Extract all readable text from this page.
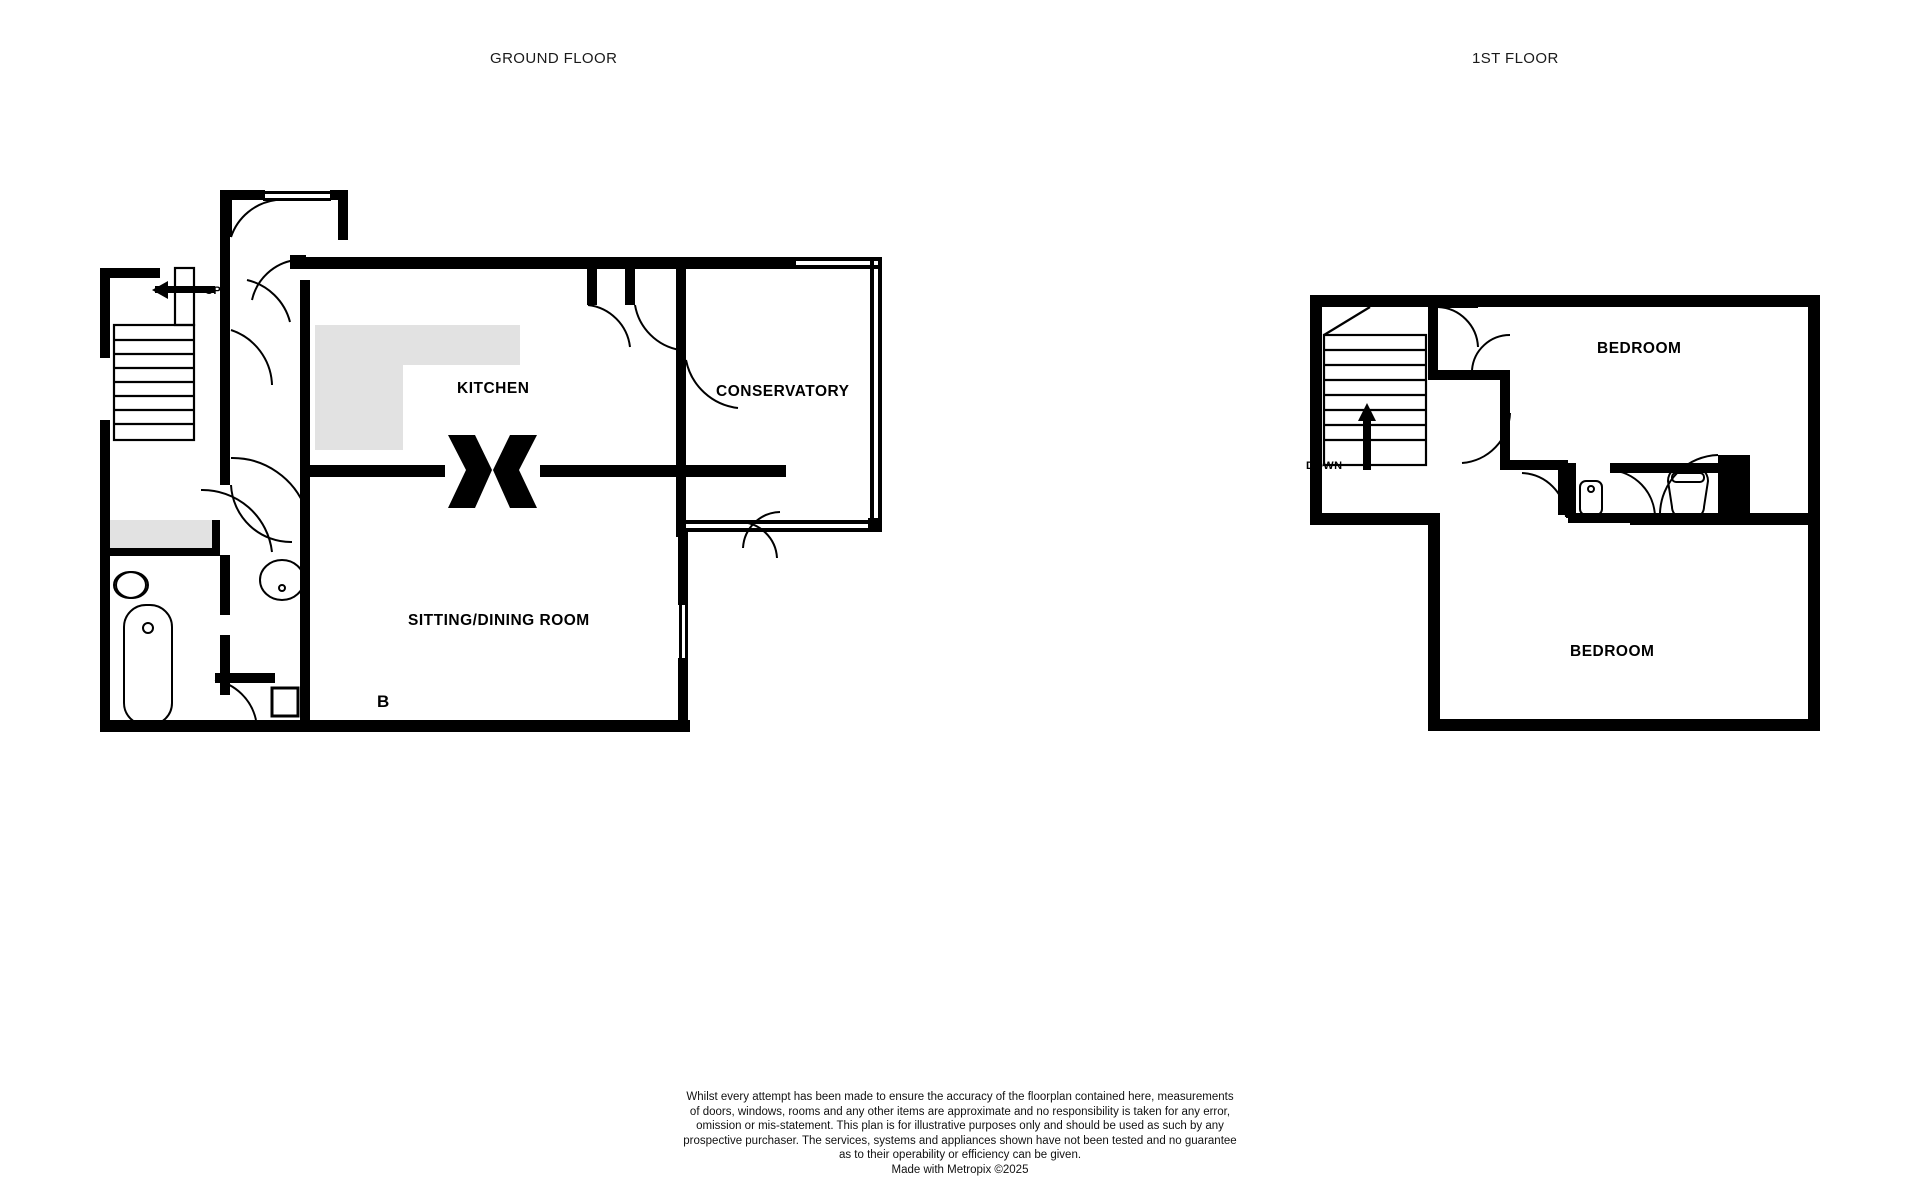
GROUND FLOOR	1ST FLOOR
UP
KITCHEN	CONSERVATORY
SITTING/DINING ROOM
B
DOWN
BEDROOM
BEDROOM
Whilst every attempt has been made to ensure the accuracy of the floorplan contained here, measurements
of doors, windows, rooms and any other items are approximate and no responsibility is taken for any error,
omission or mis-statement. This plan is for illustrative purposes only and should be used as such by any
prospective purchaser. The services, systems and appliances shown have not been tested and no guarantee
as to their operability or efficiency can be given.
Made with Metropix ©2025
